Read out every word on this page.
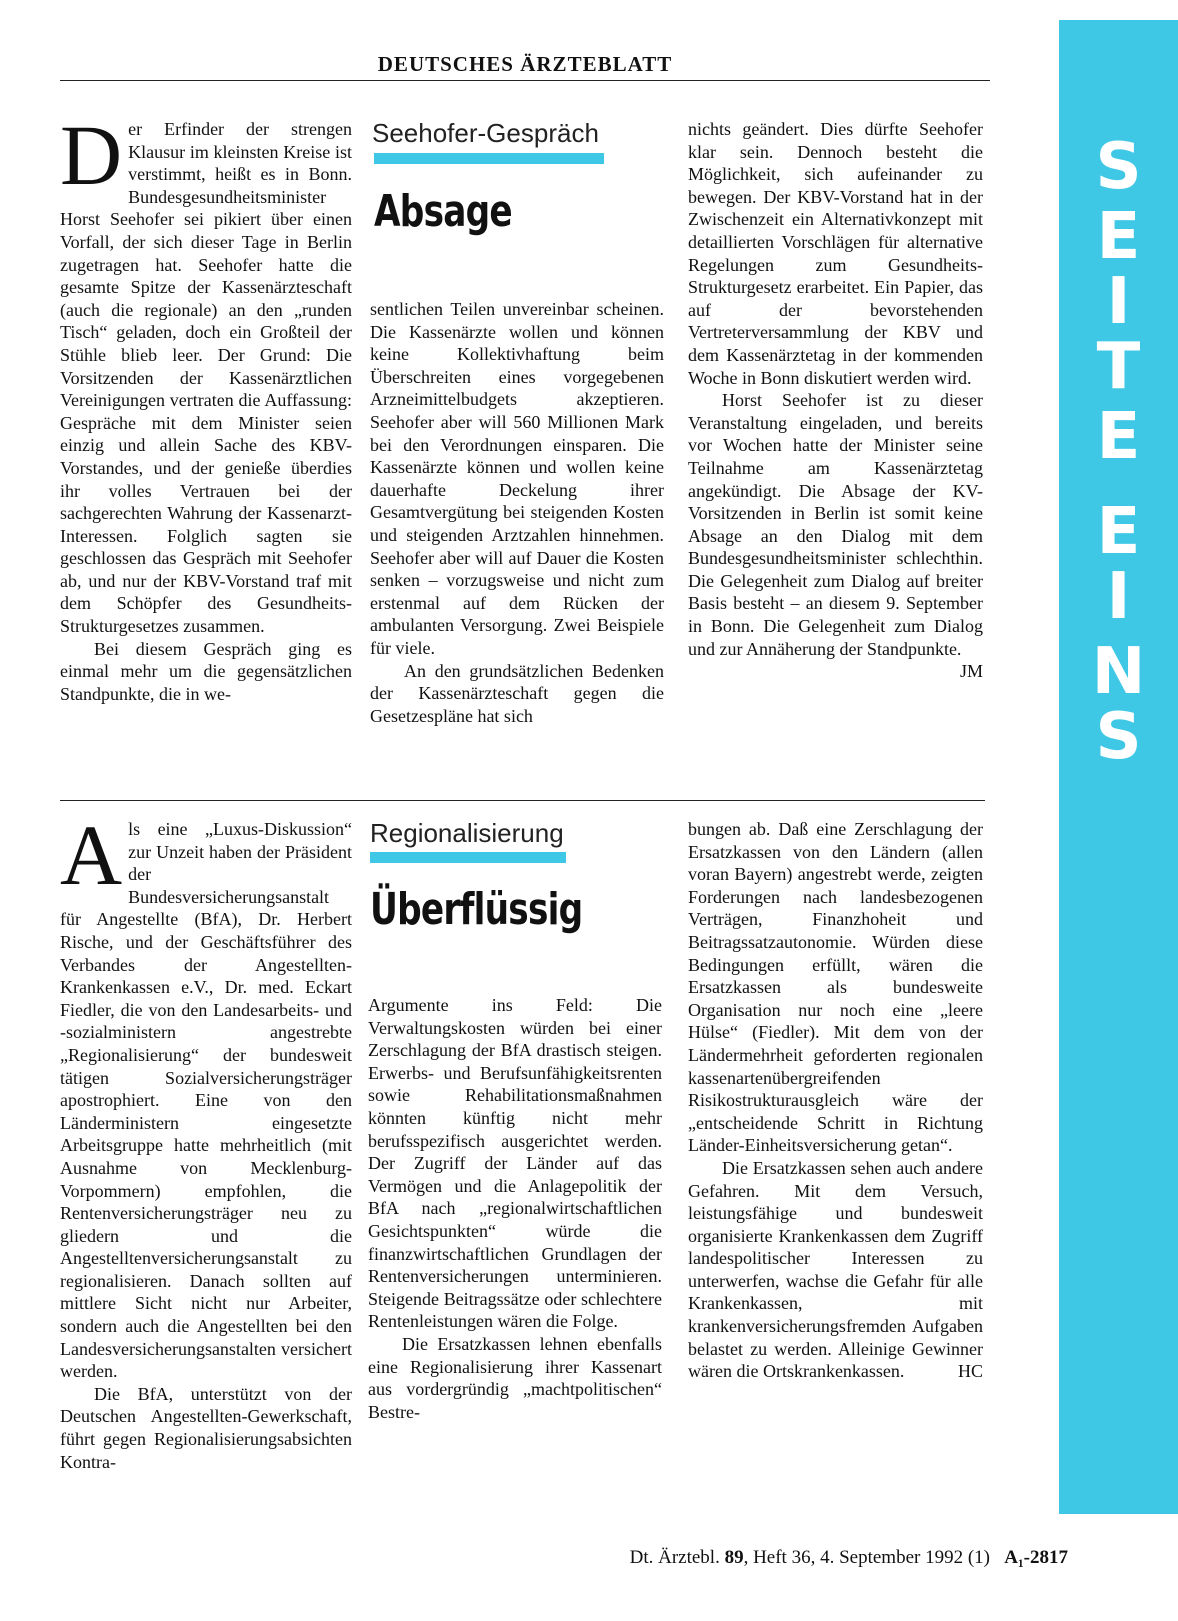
DEUTSCHES ÄRZTEBLATT
S
E
I
T
E
E
I
N
S

Der Erfinder der strengen Klausur im kleinsten Kreise ist verstimmt, heißt es in Bonn. Bundesgesundheitsminister Horst Seehofer sei pikiert über einen Vorfall, der sich dieser Tage in Berlin zugetragen hat. Seehofer hatte die gesamte Spitze der Kassenärzteschaft (auch die regionale) an den „runden Tisch“ geladen, doch ein Großteil der Stühle blieb leer. Der Grund: Die Vorsitzenden der Kassenärztlichen Vereinigungen vertraten die Auffassung: Gespräche mit dem Minister seien einzig und allein Sache des KBV-Vorstandes, und der genieße überdies ihr volles Vertrauen bei der sachgerechten Wahrung der Kassenarzt-Interessen. Folglich sagten sie geschlossen das Gespräch mit Seehofer ab, und nur der KBV-Vorstand traf mit dem Schöpfer des Gesundheits-Strukturgesetzes zusammen.

Bei diesem Gespräch ging es einmal mehr um die gegensätzlichen Standpunkte, die in we-

Seehofer-Gespräch
Absage

sentlichen Teilen unvereinbar scheinen. Die Kassenärzte wollen und können keine Kollektivhaftung beim Überschreiten eines vorgegebenen Arzneimittelbudgets akzeptieren. Seehofer aber will 560 Millionen Mark bei den Verordnungen einsparen. Die Kassenärzte können und wollen keine dauerhafte Deckelung ihrer Gesamtvergütung bei steigenden Kosten und steigenden Arztzahlen hinnehmen. Seehofer aber will auf Dauer die Kosten senken – vorzugsweise und nicht zum erstenmal auf dem Rücken der ambulanten Versorgung. Zwei Beispiele für viele.

An den grundsätzlichen Bedenken der Kassenärzteschaft gegen die Gesetzespläne hat sich

nichts geändert. Dies dürfte Seehofer klar sein. Dennoch besteht die Möglichkeit, sich aufeinander zu bewegen. Der KBV-Vorstand hat in der Zwischenzeit ein Alternativkonzept mit detaillierten Vorschlägen für alternative Regelungen zum Gesundheits-Strukturgesetz erarbeitet. Ein Papier, das auf der bevorstehenden Vertreterversammlung der KBV und dem Kassenärztetag in der kommenden Woche in Bonn diskutiert werden wird.

Horst Seehofer ist zu dieser Veranstaltung eingeladen, und bereits vor Wochen hatte der Minister seine Teilnahme am Kassenärztetag angekündigt. Die Absage der KV-Vorsitzenden in Berlin ist somit keine Absage an den Dialog mit dem Bundesgesundheitsminister schlechthin. Die Gelegenheit zum Dialog auf breiter Basis besteht – an diesem 9. September in Bonn. Die Gelegenheit zum Dialog und zur Annäherung der Standpunkte.
JM

Als eine „Luxus-Diskussion“ zur Unzeit haben der Präsident der Bundesversicherungsanstalt für Angestellte (BfA), Dr. Herbert Rische, und der Geschäftsführer des Verbandes der Angestellten-Krankenkassen e.V., Dr. med. Eckart Fiedler, die von den Landesarbeits- und -sozialministern angestrebte „Regionalisierung“ der bundesweit tätigen Sozialversicherungsträger apostrophiert. Eine von den Länderministern eingesetzte Arbeitsgruppe hatte mehrheitlich (mit Ausnahme von Mecklenburg-Vorpommern) empfohlen, die Rentenversicherungsträger neu zu gliedern und die Angestelltenversicherungsanstalt zu regionalisieren. Danach sollten auf mittlere Sicht nicht nur Arbeiter, sondern auch die Angestellten bei den Landesversicherungsanstalten versichert werden.

Die BfA, unterstützt von der Deutschen Angestellten-Gewerkschaft, führt gegen Regionalisierungsabsichten Kontra-

Regionalisierung
Überflüssig

Argumente ins Feld: Die Verwaltungskosten würden bei einer Zerschlagung der BfA drastisch steigen. Erwerbs- und Berufsunfähigkeitsrenten sowie Rehabilitationsmaßnahmen könnten künftig nicht mehr berufsspezifisch ausgerichtet werden. Der Zugriff der Länder auf das Vermögen und die Anlagepolitik der BfA nach „regionalwirtschaftlichen Gesichtspunkten“ würde die finanzwirtschaftlichen Grundlagen der Rentenversicherungen unterminieren. Steigende Beitragssätze oder schlechtere Rentenleistungen wären die Folge.

Die Ersatzkassen lehnen ebenfalls eine Regionalisierung ihrer Kassenart aus vordergründig „machtpolitischen“ Bestre-

bungen ab. Daß eine Zerschlagung der Ersatzkassen von den Ländern (allen voran Bayern) angestrebt werde, zeigten Forderungen nach landesbezogenen Verträgen, Finanzhoheit und Beitragssatzautonomie. Würden diese Bedingungen erfüllt, wären die Ersatzkassen als bundesweite Organisation nur noch eine „leere Hülse“ (Fiedler). Mit dem von der Ländermehrheit geforderten regionalen kassenartenübergreifenden Risikostrukturausgleich wäre der „entscheidende Schritt in Richtung Länder-Einheitsversicherung getan“.

Die Ersatzkassen sehen auch andere Gefahren. Mit dem Versuch, leistungsfähige und bundesweit organisierte Krankenkassen dem Zugriff landespolitischer Interessen zu unterwerfen, wachse die Gefahr für alle Krankenkassen, mit krankenversicherungsfremden Aufgaben belastet zu werden. Alleinige Gewinner wären die Ortskrankenkassen.	HC

Dt. Ärztebl. 89, Heft 36, 4. September 1992 (1) A₁-2817
